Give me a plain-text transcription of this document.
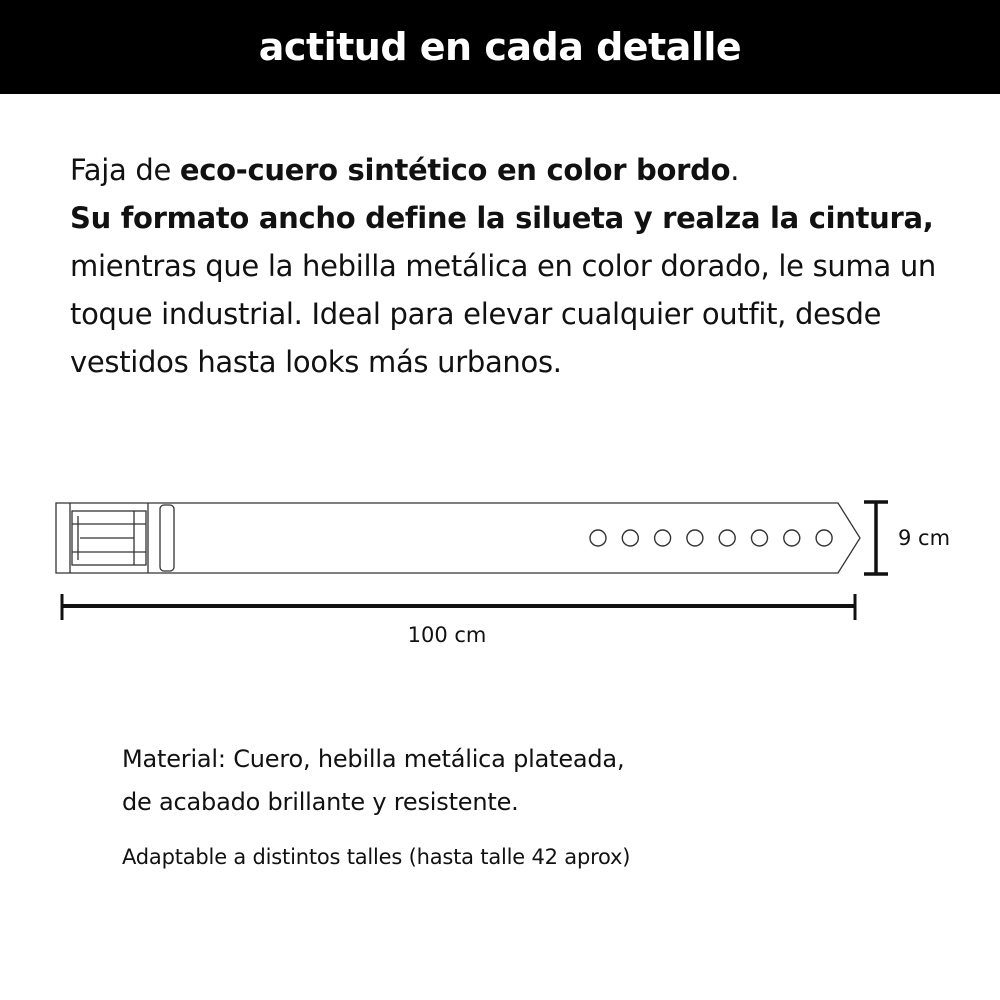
actitud en cada detalle

Faja de eco-cuero sintético en color bordo.
Su formato ancho define la silueta y realza la cintura, mientras que la hebilla metálica en color dorado, le suma un toque industrial. Ideal para elevar cualquier outfit, desde vestidos hasta looks más urbanos.

9 cm
100 cm

Material: Cuero, hebilla metálica plateada,
de acabado brillante y resistente.

Adaptable a distintos talles (hasta talle 42 aprox)
